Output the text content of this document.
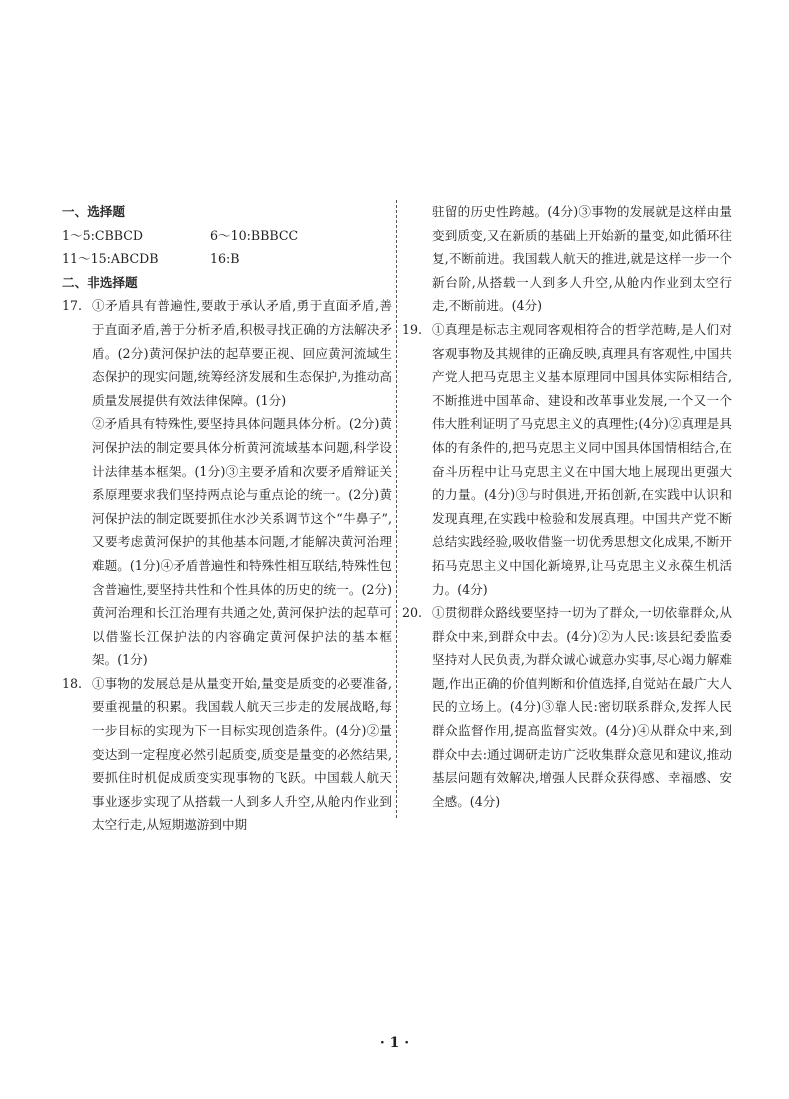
一、选择题
1～5:CBBCD	6～10:BBBCC
11～15:ABCDB	16:B
二、非选择题
17. ①矛盾具有普遍性,要敢于承认矛盾,勇于直面矛盾,善于直面矛盾,善于分析矛盾,积极寻找正确的方法解决矛盾。(2分)黄河保护法的起草要正视、回应黄河流域生态保护的现实问题,统筹经济发展和生态保护,为推动高质量发展提供有效法律保障。(1分)

②矛盾具有特殊性,要坚持具体问题具体分析。(2分)黄河保护法的制定要具体分析黄河流域基本问题,科学设计法律基本框架。(1分)③主要矛盾和次要矛盾辩证关系原理要求我们坚持两点论与重点论的统一。(2分)黄河保护法的制定既要抓住水沙关系调节这个“牛鼻子”,又要考虑黄河保护的其他基本问题,才能解决黄河治理难题。(1分)④矛盾普遍性和特殊性相互联结,特殊性包含普遍性,要坚持共性和个性具体的历史的统一。(2分)黄河治理和长江治理有共通之处,黄河保护法的起草可以借鉴长江保护法的内容确定黄河保护法的基本框架。(1分)

18. ①事物的发展总是从量变开始,量变是质变的必要准备,要重视量的积累。我国载人航天三步走的发展战略,每一步目标的实现为下一目标实现创造条件。(4分)②量变达到一定程度必然引起质变,质变是量变的必然结果,要抓住时机促成质变实现事物的飞跃。中国载人航天事业逐步实现了从搭载一人到多人升空,从舱内作业到太空行走,从短期遨游到中期

驻留的历史性跨越。(4分)③事物的发展就是这样由量变到质变,又在新质的基础上开始新的量变,如此循环往复,不断前进。我国载人航天的推进,就是这样一步一个新台阶,从搭载一人到多人升空,从舱内作业到太空行走,不断前进。(4分)

19. ①真理是标志主观同客观相符合的哲学范畴,是人们对客观事物及其规律的正确反映,真理具有客观性,中国共产党人把马克思主义基本原理同中国具体实际相结合,不断推进中国革命、建设和改革事业发展,一个又一个伟大胜利证明了马克思主义的真理性;(4分)②真理是具体的有条件的,把马克思主义同中国具体国情相结合,在奋斗历程中让马克思主义在中国大地上展现出更强大的力量。(4分)③与时俱进,开拓创新,在实践中认识和发现真理,在实践中检验和发展真理。中国共产党不断总结实践经验,吸收借鉴一切优秀思想文化成果,不断开拓马克思主义中国化新境界,让马克思主义永葆生机活力。(4分)

20. ①贯彻群众路线要坚持一切为了群众,一切依靠群众,从群众中来,到群众中去。(4分)②为人民:该县纪委监委坚持对人民负责,为群众诚心诚意办实事,尽心竭力解难题,作出正确的价值判断和价值选择,自觉站在最广大人民的立场上。(4分)③靠人民:密切联系群众,发挥人民群众监督作用,提高监督实效。(4分)④从群众中来,到群众中去:通过调研走访广泛收集群众意见和建议,推动基层问题有效解决,增强人民群众获得感、幸福感、安全感。(4分)

· 1 ·
